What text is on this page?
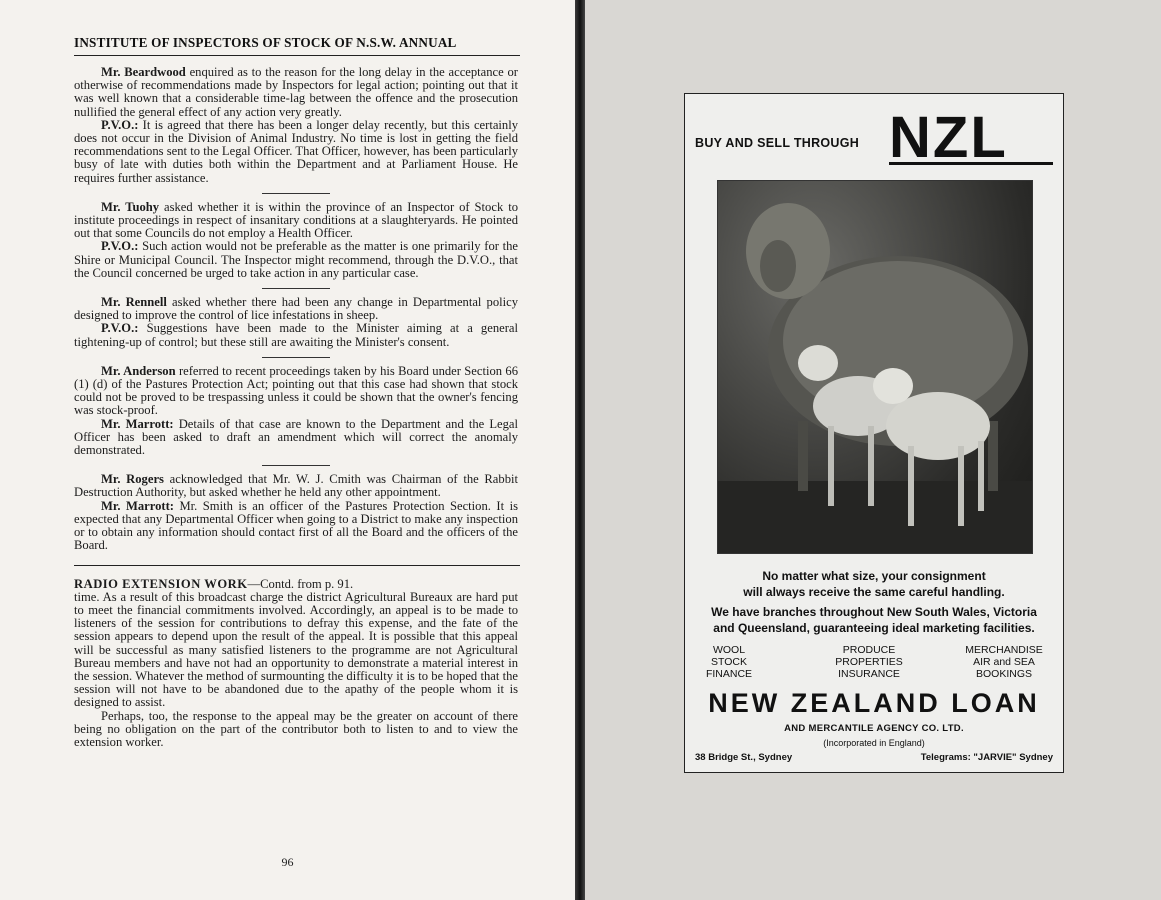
INSTITUTE OF INSPECTORS OF STOCK OF N.S.W. ANNUAL

Mr. Beardwood enquired as to the reason for the long delay in the acceptance or otherwise of recommendations made by Inspectors for legal action; pointing out that it was well known that a considerable time-lag between the offence and the prosecution nullified the general effect of any action very greatly.

P.V.O.: It is agreed that there has been a longer delay recently, but this certainly does not occur in the Division of Animal Industry. No time is lost in getting the field recommendations sent to the Legal Officer. That Officer, however, has been particularly busy of late with duties both within the Department and at Parliament House. He requires further assistance.

Mr. Tuohy asked whether it is within the province of an Inspector of Stock to institute proceedings in respect of insanitary conditions at a slaughteryards. He pointed out that some Councils do not employ a Health Officer.

P.V.O.: Such action would not be preferable as the matter is one primarily for the Shire or Municipal Council. The Inspector might recommend, through the D.V.O., that the Council concerned be urged to take action in any particular case.

Mr. Rennell asked whether there had been any change in Departmental policy designed to improve the control of lice infestations in sheep.

P.V.O.: Suggestions have been made to the Minister aiming at a general tightening-up of control; but these still are awaiting the Minister's consent.

Mr. Anderson referred to recent proceedings taken by his Board under Section 66 (1) (d) of the Pastures Protection Act; pointing out that this case had shown that stock could not be proved to be trespassing unless it could be shown that the owner's fencing was stock-proof.

Mr. Marrott: Details of that case are known to the Department and the Legal Officer has been asked to draft an amendment which will correct the anomaly demonstrated.

Mr. Rogers acknowledged that Mr. W. J. Cmith was Chairman of the Rabbit Destruction Authority, but asked whether he held any other appointment.

Mr. Marrott: Mr. Smith is an officer of the Pastures Protection Section. It is expected that any Departmental Officer when going to a District to make any inspection or to obtain any information should contact first of all the Board and the officers of the Board.

RADIO EXTENSION WORK—Contd. from p. 91.

time. As a result of this broadcast charge the district Agricultural Bureaux are hard put to meet the financial commitments involved. Accordingly, an appeal is to be made to listeners of the session for contributions to defray this expense, and the fate of the session appears to depend upon the result of the appeal. It is possible that this appeal will be successful as many satisfied listeners to the programme are not Agricultural Bureau members and have not had an opportunity to demonstrate a material interest in the session. Whatever the method of surmounting the difficulty it is to be hoped that the session will not have to be abandoned due to the apathy of the people whom it is designed to assist.

Perhaps, too, the response to the appeal may be the greater on account of there being no obligation on the part of the contributor both to listen to and to view the extension worker.

96
BUY AND SELL THROUGH NZL
No matter what size, your consignment
will always receive the same careful handling.
We have branches throughout New South Wales, Victoria
and Queensland, guaranteeing ideal marketing facilities.
WOOL
STOCK
FINANCE
PRODUCE
PROPERTIES
INSURANCE
MERCHANDISE
AIR and SEA
BOOKINGS
NEW ZEALAND LOAN
AND MERCANTILE AGENCY CO. LTD.
(Incorporated in England)
38 Bridge St., Sydney	Telegrams: "JARVIE" Sydney
